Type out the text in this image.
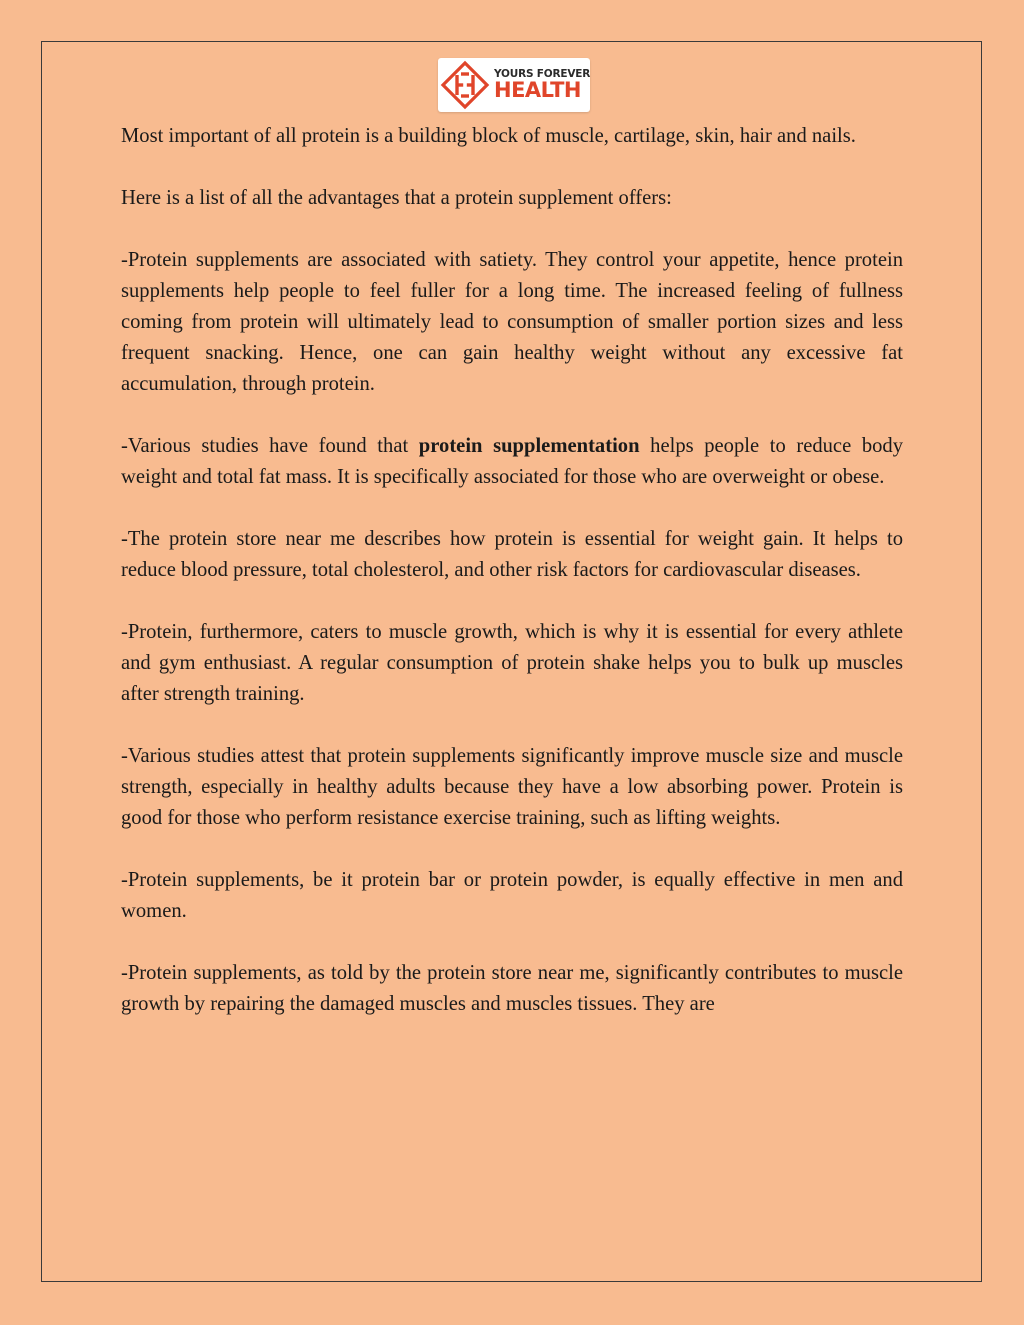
YOURS FOREVER
HEALTH

Most important of all protein is a building block of muscle, cartilage, skin, hair and nails.

Here is a list of all the advantages that a protein supplement offers:

-Protein supplements are associated with satiety. They control your appetite, hence protein supplements help people to feel fuller for a long time. The increased feeling of fullness coming from protein will ultimately lead to consumption of smaller portion sizes and less frequent snacking. Hence, one can gain healthy weight without any excessive fat accumulation, through protein.

-Various studies have found that protein supplementation helps people to reduce body weight and total fat mass. It is specifically associated for those who are overweight or obese.

-The protein store near me describes how protein is essential for weight gain. It helps to reduce blood pressure, total cholesterol, and other risk factors for cardiovascular diseases.

-Protein, furthermore, caters to muscle growth, which is why it is essential for every athlete and gym enthusiast. A regular consumption of protein shake helps you to bulk up muscles after strength training.

-Various studies attest that protein supplements significantly improve muscle size and muscle strength, especially in healthy adults because they have a low absorbing power. Protein is good for those who perform resistance exercise training, such as lifting weights.

-Protein supplements, be it protein bar or protein powder, is equally effective in men and women.

-Protein supplements, as told by the protein store near me, significantly contributes to muscle growth by repairing the damaged muscles and muscles tissues. They are
